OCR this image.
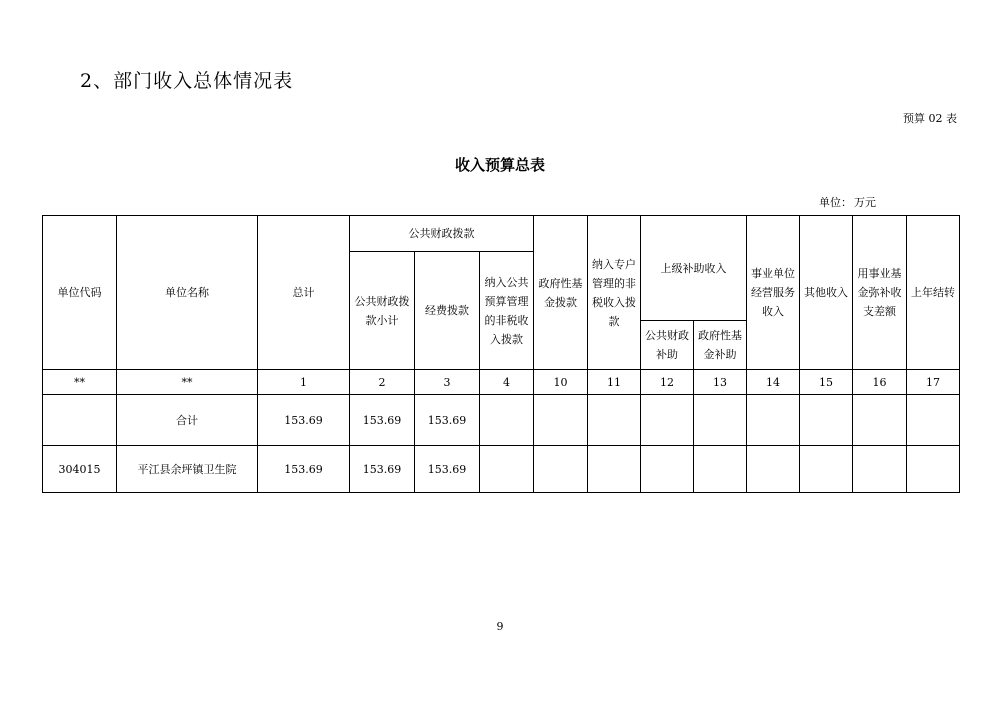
2、部门收入总体情况表
预算 02 表
收入预算总表
单位： 万元
单位代码	单位名称	总计	公共财政拨款			政府性基金拨款	纳入专户管理的非税收入拨款	上级补助收入		事业单位经营服务收入	其他收入	用事业基金弥补收支差额	上年结转
			公共财政拨款小计	经费拨款	纳入公共预算管理的非税收入拨款								
								公共财政补助	政府性基金补助				
**	**	1	2	3	4	10	11	12	13	14	15	16	17
	合计	153.69	153.69	153.69									
304015	平江县余坪镇卫生院	153.69	153.69	153.69									
9
